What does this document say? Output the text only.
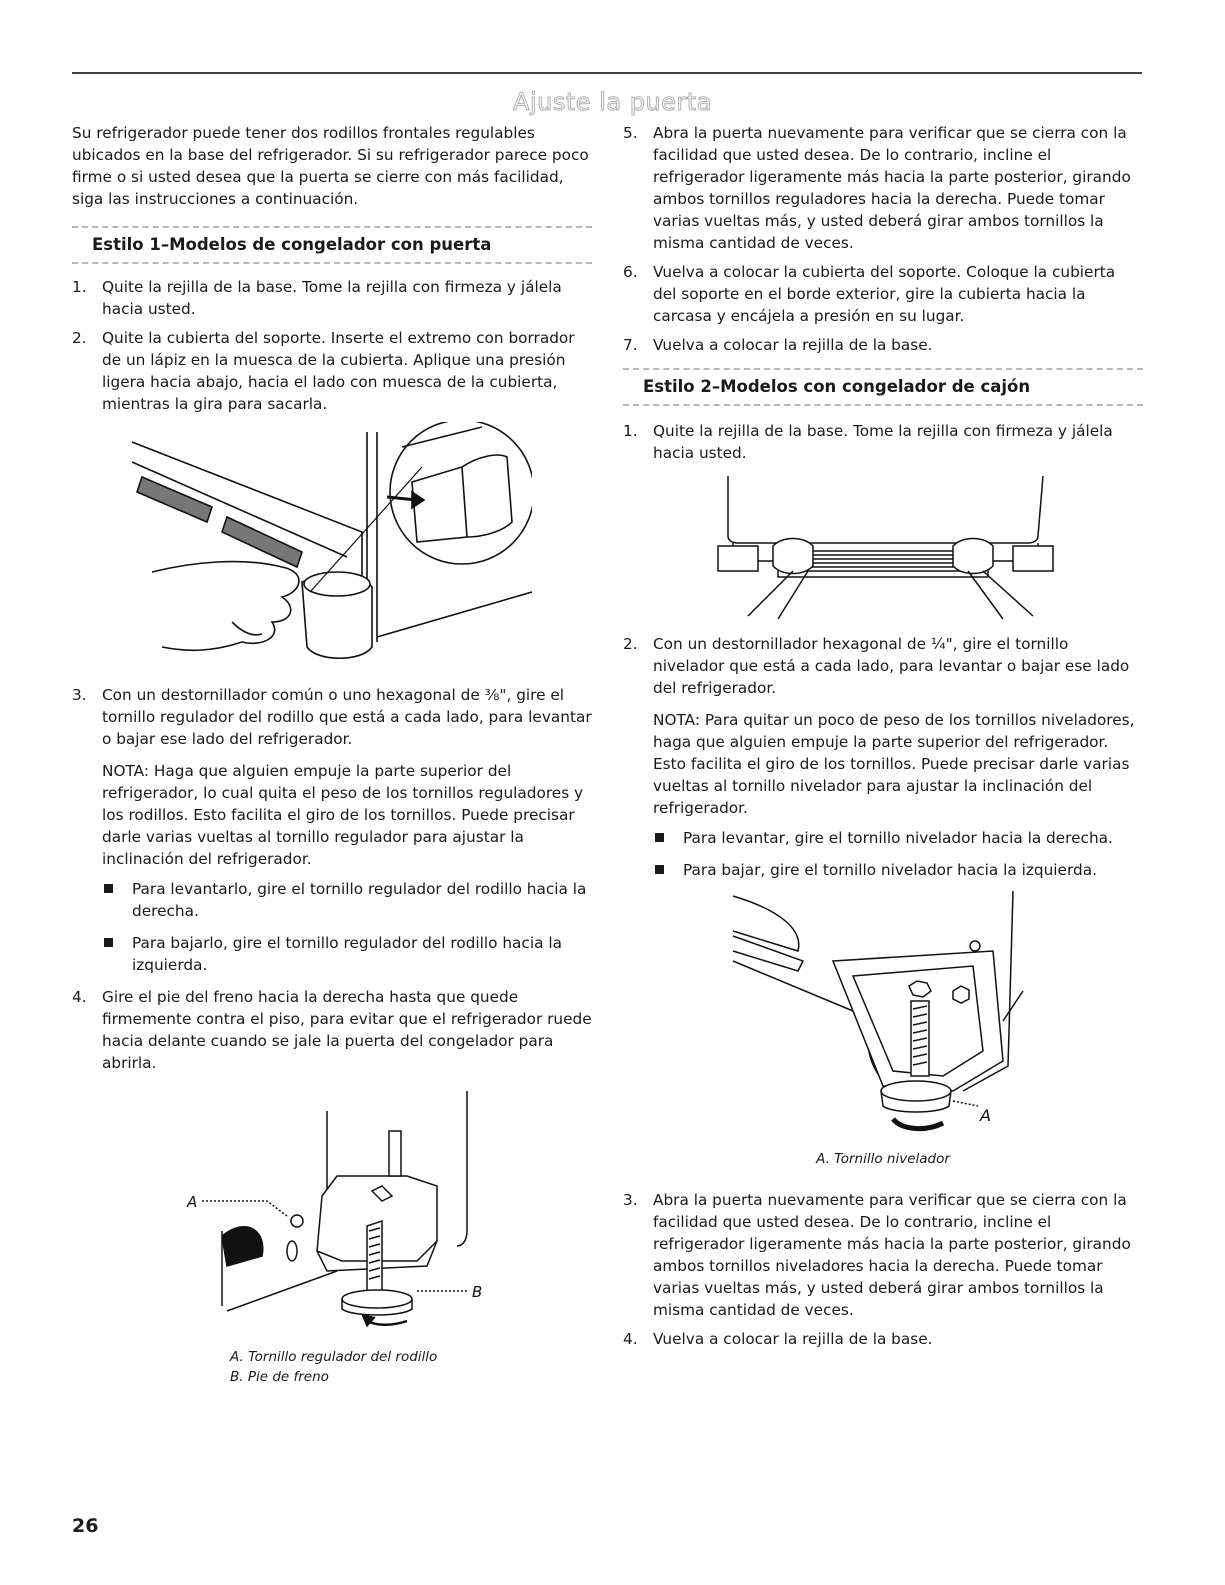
Ajuste la puerta

Su refrigerador puede tener dos rodillos frontales regulables ubicados en la base del refrigerador. Si su refrigerador parece poco firme o si usted desea que la puerta se cierre con más facilidad, siga las instrucciones a continuación.

Estilo 1–Modelos de congelador con puerta
1.	Quite la rejilla de la base. Tome la rejilla con firmeza y jálela hacia usted.
2.	Quite la cubierta del soporte. Inserte el extremo con borrador de un lápiz en la muesca de la cubierta. Aplique una presión ligera hacia abajo, hacia el lado con muesca de la cubierta, mientras la gira para sacarla.
3.	Con un destornillador común o uno hexagonal de ⅜", gire el tornillo regulador del rodillo que está a cada lado, para levantar o bajar ese lado del refrigerador.

NOTA: Haga que alguien empuje la parte superior del refrigerador, lo cual quita el peso de los tornillos reguladores y los rodillos. Esto facilita el giro de los tornillos. Puede precisar darle varias vueltas al tornillo regulador para ajustar la inclinación del refrigerador.

Para levantarlo, gire el tornillo regulador del rodillo hacia la derecha.
Para bajarlo, gire el tornillo regulador del rodillo hacia la izquierda.
4.	Gire el pie del freno hacia la derecha hasta que quede firmemente contra el piso, para evitar que el refrigerador ruede hacia delante cuando se jale la puerta del congelador para abrirla.
A
B

A. Tornillo regulador del rodillo

B. Pie de freno

5.	Abra la puerta nuevamente para verificar que se cierra con la facilidad que usted desea. De lo contrario, incline el refrigerador ligeramente más hacia la parte posterior, girando ambos tornillos reguladores hacia la derecha. Puede tomar varias vueltas más, y usted deberá girar ambos tornillos la misma cantidad de veces.
6.	Vuelva a colocar la cubierta del soporte. Coloque la cubierta del soporte en el borde exterior, gire la cubierta hacia la carcasa y encájela a presión en su lugar.
7.	Vuelva a colocar la rejilla de la base.
Estilo 2–Modelos con congelador de cajón
1.	Quite la rejilla de la base. Tome la rejilla con firmeza y jálela hacia usted.
2.	Con un destornillador hexagonal de ¼", gire el tornillo nivelador que está a cada lado, para levantar o bajar ese lado del refrigerador.

NOTA: Para quitar un poco de peso de los tornillos niveladores, haga que alguien empuje la parte superior del refrigerador. Esto facilita el giro de los tornillos. Puede precisar darle varias vueltas al tornillo nivelador para ajustar la inclinación del refrigerador.

Para levantar, gire el tornillo nivelador hacia la derecha.
Para bajar, gire el tornillo nivelador hacia la izquierda.
A

A. Tornillo nivelador

3.	Abra la puerta nuevamente para verificar que se cierra con la facilidad que usted desea. De lo contrario, incline el refrigerador ligeramente más hacia la parte posterior, girando ambos tornillos niveladores hacia la derecha. Puede tomar varias vueltas más, y usted deberá girar ambos tornillos la misma cantidad de veces.
4.	Vuelva a colocar la rejilla de la base.
26
